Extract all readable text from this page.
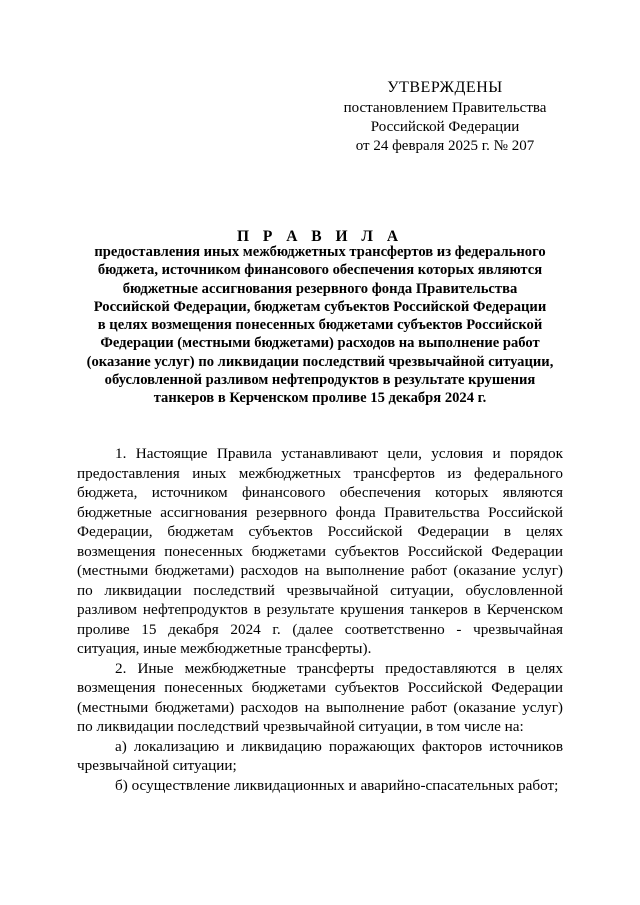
УТВЕРЖДЕНЫ
постановлением Правительства
Российской Федерации
от 24 февраля 2025 г. № 207
П Р А В И Л А
предоставления иных межбюджетных трансфертов из федерального
бюджета, источником финансового обеспечения которых являются
бюджетные ассигнования резервного фонда Правительства
Российской Федерации, бюджетам субъектов Российской Федерации
в целях возмещения понесенных бюджетами субъектов Российской
Федерации (местными бюджетами) расходов на выполнение работ
(оказание услуг) по ликвидации последствий чрезвычайной ситуации,
обусловленной разливом нефтепродуктов в результате крушения
танкеров в Керченском проливе 15 декабря 2024 г.

1. Настоящие Правила устанавливают цели, условия и порядок предоставления иных межбюджетных трансфертов из федерального бюджета, источником финансового обеспечения которых являются бюджетные ассигнования резервного фонда Правительства Российской Федерации, бюджетам субъектов Российской Федерации в целях возмещения понесенных бюджетами субъектов Российской Федерации (местными бюджетами) расходов на выполнение работ (оказание услуг) по ликвидации последствий чрезвычайной ситуации, обусловленной разливом нефтепродуктов в результате крушения танкеров в Керченском проливе 15 декабря 2024 г. (далее соответственно - чрезвычайная ситуация, иные межбюджетные трансферты).

2. Иные межбюджетные трансферты предоставляются в целях возмещения понесенных бюджетами субъектов Российской Федерации (местными бюджетами) расходов на выполнение работ (оказание услуг) по ликвидации последствий чрезвычайной ситуации, в том числе на:

а) локализацию и ликвидацию поражающих факторов источников чрезвычайной ситуации;

б) осуществление ликвидационных и аварийно-спасательных работ;
